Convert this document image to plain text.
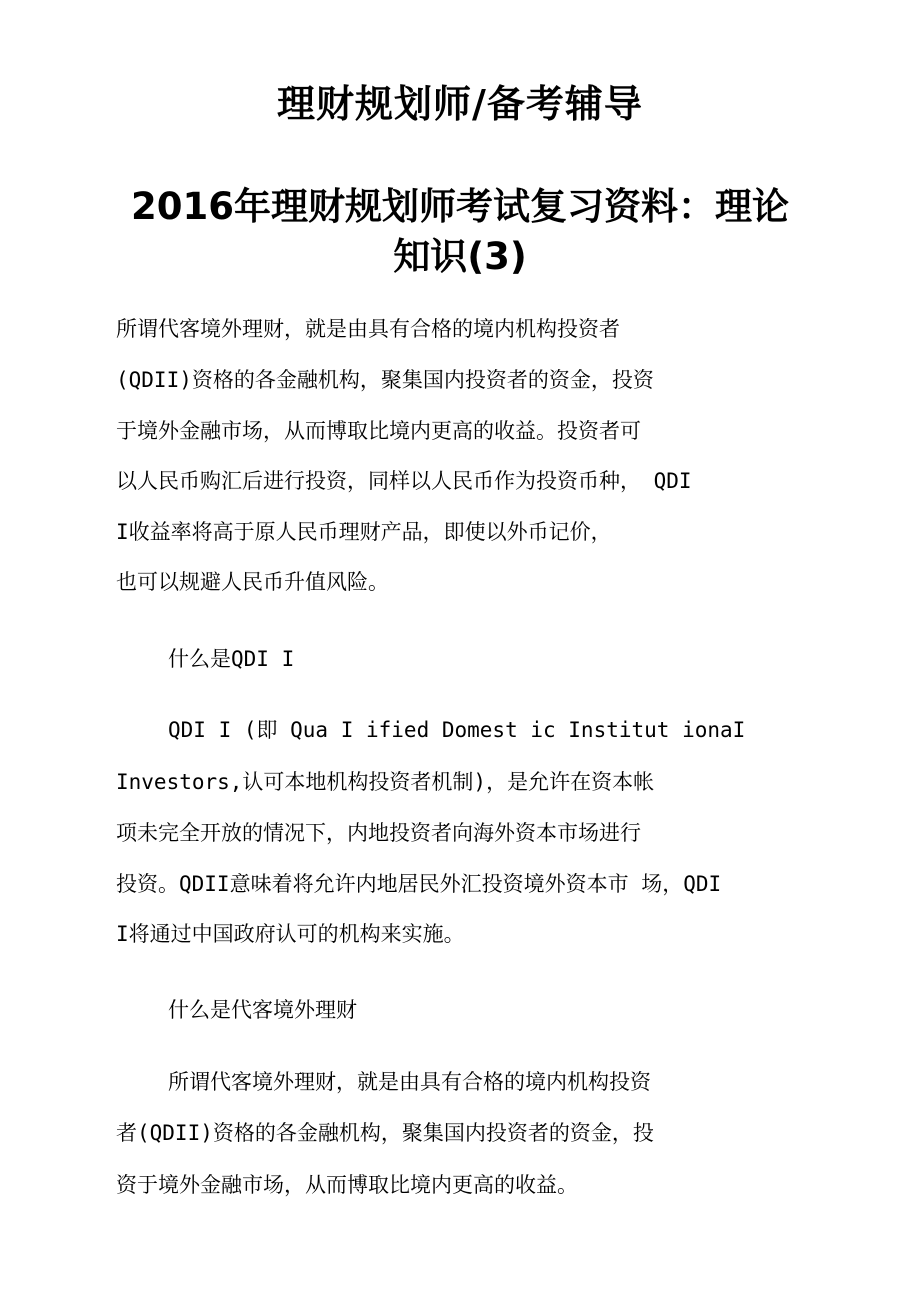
理财规划师/备考辅导
2016年理财规划师考试复习资料：理论
知识(3)
所谓代客境外理财，就是由具有合格的境内机构投资者
(QDII)资格的各金融机构，聚集国内投资者的资金，投资
于境外金融市场，从而博取比境内更高的收益。投资者可
以人民币购汇后进行投资，同样以人民币作为投资币种， QDI
I收益率将高于原人民币理财产品，即使以外币记价，
也可以规避人民币升值风险。
什么是QDI I
QDI I (即 Qua I ified Domest ic Institut ionaI
Investors,认可本地机构投资者机制)，是允许在资本帐
项未完全开放的情况下，内地投资者向海外资本市场进行
投资。QDII意味着将允许内地居民外汇投资境外资本市 场，QDI
I将通过中国政府认可的机构来实施。
什么是代客境外理财
所谓代客境外理财，就是由具有合格的境内机构投资
者(QDII)资格的各金融机构，聚集国内投资者的资金，投
资于境外金融市场，从而博取比境内更高的收益。
